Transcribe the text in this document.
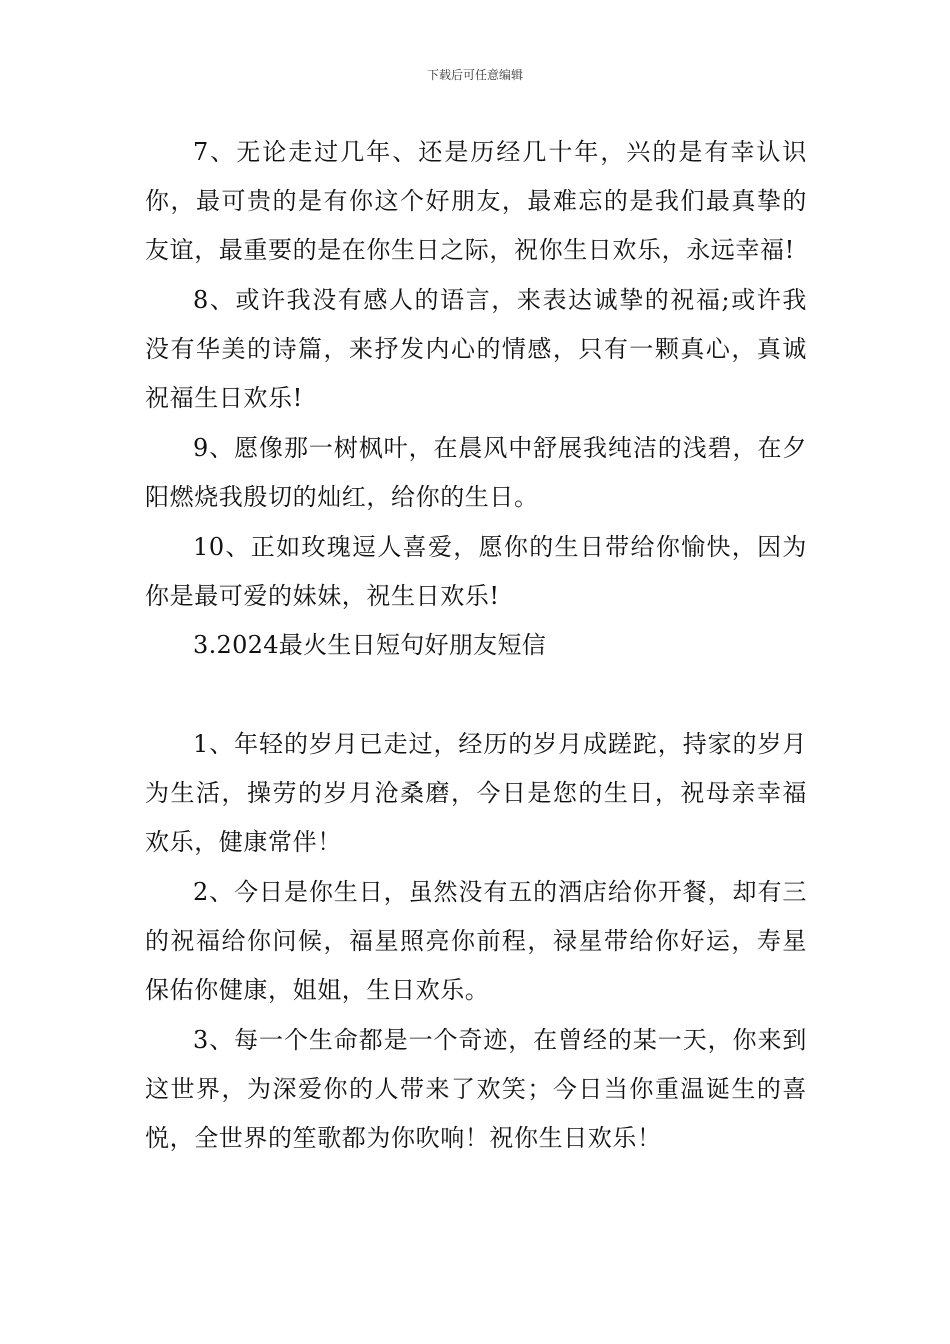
下载后可任意编辑

7、无论走过几年、还是历经几十年，兴的是有幸认识你，最可贵的是有你这个好朋友，最难忘的是我们最真挚的友谊，最重要的是在你生日之际，祝你生日欢乐，永远幸福!

8、或许我没有感人的语言，来表达诚挚的祝福;或许我没有华美的诗篇，来抒发内心的情感，只有一颗真心，真诚祝福生日欢乐!

9、愿像那一树枫叶，在晨风中舒展我纯洁的浅碧，在夕阳燃烧我殷切的灿红，给你的生日。

10、正如玫瑰逗人喜爱，愿你的生日带给你愉快，因为你是最可爱的妹妹，祝生日欢乐!

3.2024最火生日短句好朋友短信

1、年轻的岁月已走过，经历的岁月成蹉跎，持家的岁月为生活，操劳的岁月沧桑磨，今日是您的生日，祝母亲幸福欢乐，健康常伴！

2、今日是你生日，虽然没有五的酒店给你开餐，却有三的祝福给你问候，福星照亮你前程，禄星带给你好运，寿星保佑你健康，姐姐，生日欢乐。

3、每一个生命都是一个奇迹，在曾经的某一天，你来到这世界，为深爱你的人带来了欢笑；今日当你重温诞生的喜悦，全世界的笙歌都为你吹响！祝你生日欢乐！
